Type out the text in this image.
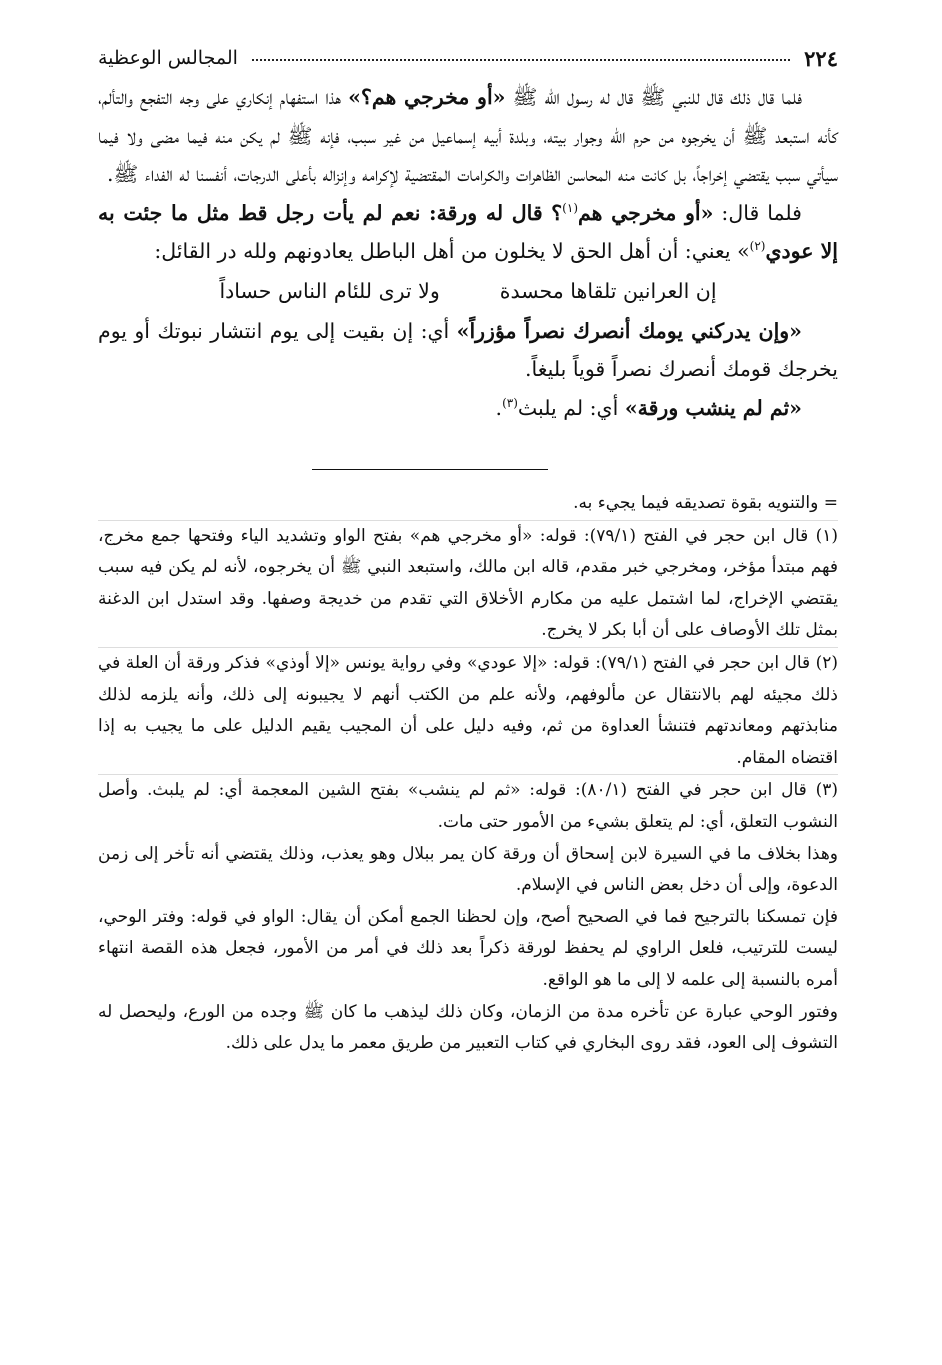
٢٢٤
المجالس الوعظية

فلما قال ذلك قال للنبي ﷺ قال له رسول الله ﷺ «أو مخرجي هم؟» هذا استفهام إنكاري على وجه التفجع والتألم، كأنه استبعد ﷺ أن يخرجوه من حرم الله وجوار بيته، وبلدة أبيه إسماعيل من غير سبب، فإنه ﷺ لم يكن منه فيما مضى ولا فيما سيأتي سبب يقتضي إخراجاً، بل كانت منه المحاسن الظاهرات والكرامات المقتضية لإكرامه وإنزاله بأعلى الدرجات، أنفسنا له الفداء ﷺ.

فلما قال: «أو مخرجي هم$^{(١)}$؟ قال له ورقة: نعم لم يأت رجل قط مثل ما جئت به إلا عودي$^{(٢)}$» يعني: أن أهل الحق لا يخلون من أهل الباطل يعادونهم ولله در القائل:

إن العرانين تلقاها محسدة
ولا ترى للئام الناس حساداً

«وإن يدركني يومك أنصرك نصراً مؤزراً» أي: إن بقيت إلى يوم انتشار نبوتك أو يوم يخرجك قومك أنصرك نصراً قوياً بليغاً.

«ثم لم ينشب ورقة» أي: لم يلبث$^{(٣)}$.

= والتنويه بقوة تصديقه فيما يجيء به.

(١) قال ابن حجر في الفتح (٧٩/١): قوله: «أو مخرجي هم» بفتح الواو وتشديد الياء وفتحها جمع مخرج، فهم مبتدأ مؤخر، ومخرجي خبر مقدم، قاله ابن مالك، واستبعد النبي ﷺ أن يخرجوه، لأنه لم يكن فيه سبب يقتضي الإخراج، لما اشتمل عليه من مكارم الأخلاق التي تقدم من خديجة وصفها. وقد استدل ابن الدغنة بمثل تلك الأوصاف على أن أبا بكر لا يخرج.

(٢) قال ابن حجر في الفتح (٧٩/١): قوله: «إلا عودي» وفي رواية يونس «إلا أوذي» فذكر ورقة أن العلة في ذلك مجيئه لهم بالانتقال عن مألوفهم، ولأنه علم من الكتب أنهم لا يجيبونه إلى ذلك، وأنه يلزمه لذلك منابذتهم ومعاندتهم فتنشأ العداوة من ثم، وفيه دليل على أن المجيب يقيم الدليل على ما يجيب به إذا اقتضاه المقام.

(٣) قال ابن حجر في الفتح (٨٠/١): قوله: «ثم لم ينشب» بفتح الشين المعجمة أي: لم يلبث. وأصل النشوب التعلق، أي: لم يتعلق بشيء من الأمور حتى مات.

وهذا بخلاف ما في السيرة لابن إسحاق أن ورقة كان يمر ببلال وهو يعذب، وذلك يقتضي أنه تأخر إلى زمن الدعوة، وإلى أن دخل بعض الناس في الإسلام.

فإن تمسكنا بالترجيح فما في الصحيح أصح، وإن لحظنا الجمع أمكن أن يقال: الواو في قوله: وفتر الوحي، ليست للترتيب، فلعل الراوي لم يحفظ لورقة ذكراً بعد ذلك في أمر من الأمور، فجعل هذه القصة انتهاء أمره بالنسبة إلى علمه لا إلى ما هو الواقع.

وفتور الوحي عبارة عن تأخره مدة من الزمان، وكان ذلك ليذهب ما كان ﷺ وجده من الورع، وليحصل له التشوف إلى العود، فقد روى البخاري في كتاب التعبير من طريق معمر ما يدل على ذلك.
